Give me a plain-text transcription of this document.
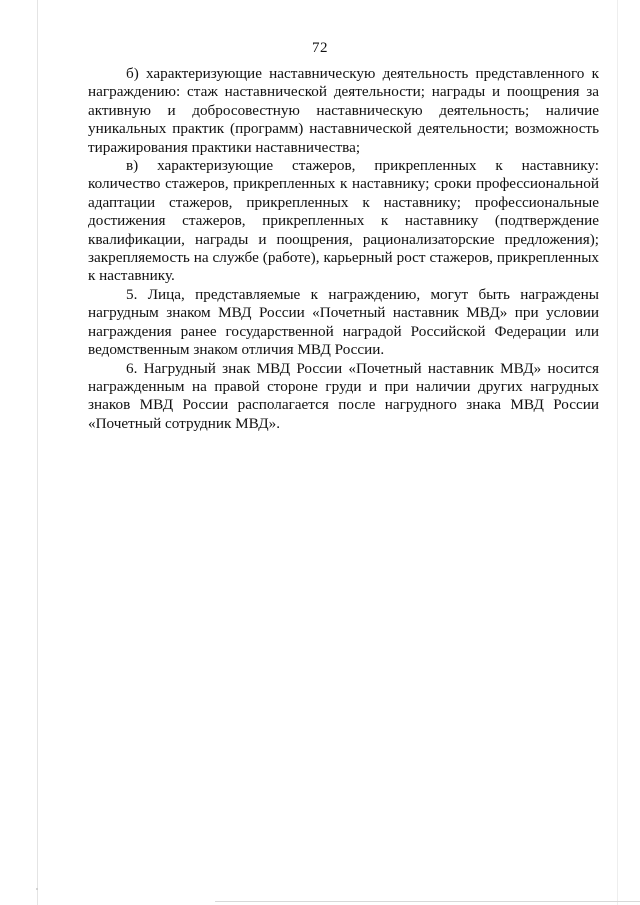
72

б) характеризующие наставническую деятельность представленного к награждению: стаж наставнической деятельности; награды и поощрения за активную и добросовестную наставническую деятельность; наличие уникальных практик (программ) наставнической деятельности; возможность тиражирования практики наставничества;

в) характеризующие стажеров, прикрепленных к наставнику: количество стажеров, прикрепленных к наставнику; сроки профессиональной адаптации стажеров, прикрепленных к наставнику; профессиональные достижения стажеров, прикрепленных к наставнику (подтверждение квалификации, награды и поощрения, рационализаторские предложения); закрепляемость на службе (работе), карьерный рост стажеров, прикрепленных к наставнику.

5. Лица, представляемые к награждению, могут быть награждены нагрудным знаком МВД России «Почетный наставник МВД» при условии награждения ранее государственной наградой Российской Федерации или ведомственным знаком отличия МВД России.

6. Нагрудный знак МВД России «Почетный наставник МВД» носится награжденным на правой стороне груди и при наличии других нагрудных знаков МВД России располагается после нагрудного знака МВД России «Почетный сотрудник МВД».
